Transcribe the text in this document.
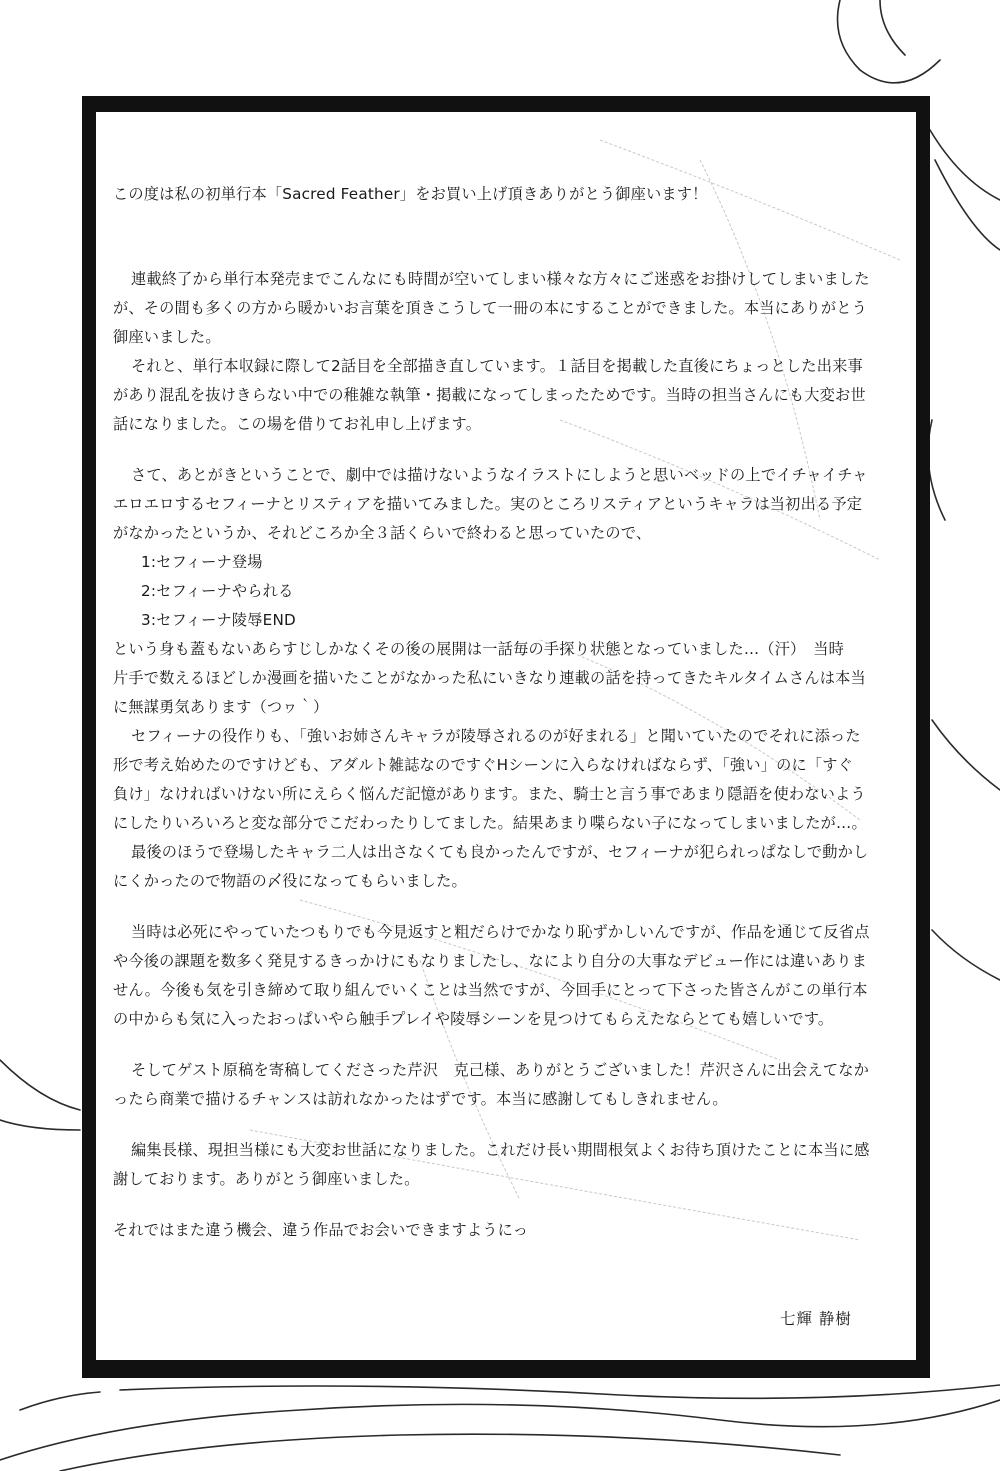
この度は私の初単行本「Sacred Feather」をお買い上げ頂きありがとう御座います！
連載終了から単行本発売までこんなにも時間が空いてしまい様々な方々にご迷惑をお掛けしてしまいました
が、その間も多くの方から暖かいお言葉を頂きこうして一冊の本にすることができました。本当にありがとう
御座いました。
それと、単行本収録に際して2話目を全部描き直しています。１話目を掲載した直後にちょっとした出来事
があり混乱を抜けきらない中での稚雑な執筆・掲載になってしまったためです。当時の担当さんにも大変お世
話になりました。この場を借りてお礼申し上げます。
さて、あとがきということで、劇中では描けないようなイラストにしようと思いベッドの上でイチャイチャ
エロエロするセフィーナとリスティアを描いてみました。実のところリスティアというキャラは当初出る予定
がなかったというか、それどころか全３話くらいで終わると思っていたので、
1:セフィーナ登場
2:セフィーナやられる
3:セフィーナ陵辱END
という身も蓋もないあらすじしかなくその後の展開は一話毎の手探り状態となっていました…（汗）　当時
片手で数えるほどしか漫画を描いたことがなかった私にいきなり連載の話を持ってきたキルタイムさんは本当
に無謀勇気あります（つヮ｀）
セフィーナの役作りも、「強いお姉さんキャラが陵辱されるのが好まれる」と聞いていたのでそれに添った
形で考え始めたのですけども、アダルト雑誌なのですぐHシーンに入らなければならず、「強い」のに「すぐ
負け」なければいけない所にえらく悩んだ記憶があります。また、騎士と言う事であまり隠語を使わないよう
にしたりいろいろと変な部分でこだわったりしてました。結果あまり喋らない子になってしまいましたが…。
最後のほうで登場したキャラ二人は出さなくても良かったんですが、セフィーナが犯られっぱなしで動かし
にくかったので物語の〆役になってもらいました。
当時は必死にやっていたつもりでも今見返すと粗だらけでかなり恥ずかしいんですが、作品を通じて反省点
や今後の課題を数多く発見するきっかけにもなりましたし、なにより自分の大事なデビュー作には違いありま
せん。今後も気を引き締めて取り組んでいくことは当然ですが、今回手にとって下さった皆さんがこの単行本
の中からも気に入ったおっぱいやら触手プレイや陵辱シーンを見つけてもらえたならとても嬉しいです。
そしてゲスト原稿を寄稿してくださった芹沢　克己様、ありがとうございました！芹沢さんに出会えてなか
ったら商業で描けるチャンスは訪れなかったはずです。本当に感謝してもしきれません。
編集長様、現担当様にも大変お世話になりました。これだけ長い期間根気よくお待ち頂けたことに本当に感
謝しております。ありがとう御座いました。
それではまた違う機会、違う作品でお会いできますようにっ
七輝 静樹
